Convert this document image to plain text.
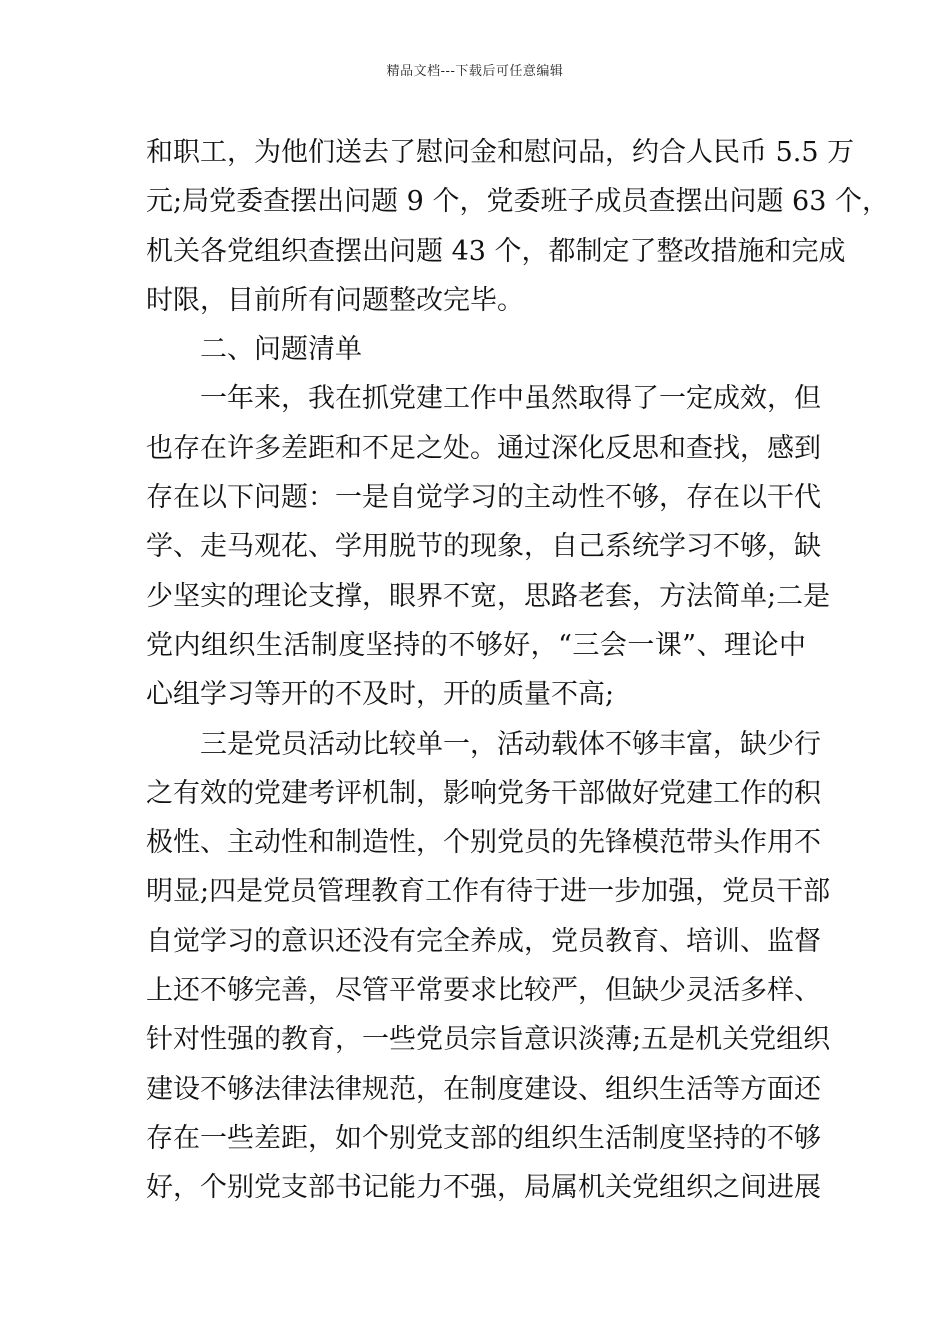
精品文档---下载后可任意编辑
和职工，为他们送去了慰问金和慰问品，约合人民币 5.5 万
元;局党委查摆出问题 9 个，党委班子成员查摆出问题 63 个，
机关各党组织查摆出问题 43 个，都制定了整改措施和完成
时限，目前所有问题整改完毕。
二、问题清单
一年来，我在抓党建工作中虽然取得了一定成效，但
也存在许多差距和不足之处。通过深化反思和查找，感到
存在以下问题：一是自觉学习的主动性不够，存在以干代
学、走马观花、学用脱节的现象，自己系统学习不够，缺
少坚实的理论支撑，眼界不宽，思路老套，方法简单;二是
党内组织生活制度坚持的不够好，“三会一课”、理论中
心组学习等开的不及时，开的质量不高;
三是党员活动比较单一，活动载体不够丰富，缺少行
之有效的党建考评机制，影响党务干部做好党建工作的积
极性、主动性和制造性，个别党员的先锋模范带头作用不
明显;四是党员管理教育工作有待于进一步加强，党员干部
自觉学习的意识还没有完全养成，党员教育、培训、监督
上还不够完善，尽管平常要求比较严，但缺少灵活多样、
针对性强的教育，一些党员宗旨意识淡薄;五是机关党组织
建设不够法律法律规范，在制度建设、组织生活等方面还
存在一些差距，如个别党支部的组织生活制度坚持的不够
好，个别党支部书记能力不强，局属机关党组织之间进展
